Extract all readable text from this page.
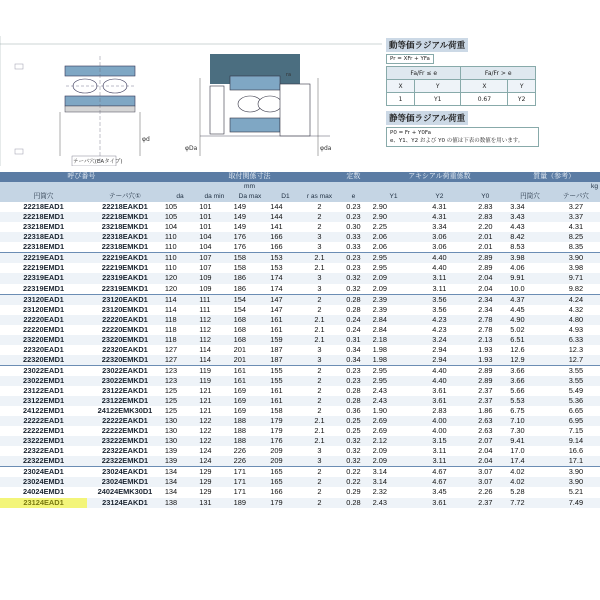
テーパ穴(EAタイプ)
φd
φDa	φda
ra
動等価ラジアル荷重
Pr = XFr + YFa
Fa/Fr ≤ e		Fa/Fr > e	
X	Y	X	Y
1	Y1	0.67	Y2
静等価ラジアル荷重

P0 = Fr + Y0Fa
e、Y1、Y2 および Y0 の値は下表の数値を用います。
呼び番号		取付関係寸法					定数	アキシアル荷重係数			質量（参考）	
		mm									kg	
円筒穴	テーパ穴①	da	da min	Da max	D1	r as max	e	Y1	Y2	Y0	円筒穴	テーパ穴
22218EAD1	22218EAKD1	105	101	149	144	2	0.23	2.90	4.31	2.83	3.34	3.27
22218EMD1	22218EMKD1	105	101	149	144	2	0.23	2.90	4.31	2.83	3.43	3.37
23218EMD1	23218EMKD1	104	101	149	141	2	0.30	2.25	3.34	2.20	4.43	4.31
22318EAD1	22318EAKD1	110	104	176	166	3	0.33	2.06	3.06	2.01	8.42	8.25
22318EMD1	22318EMKD1	110	104	176	166	3	0.33	2.06	3.06	2.01	8.53	8.35
22219EAD1	22219EAKD1	110	107	158	153	2.1	0.23	2.95	4.40	2.89	3.98	3.90
22219EMD1	22219EMKD1	110	107	158	153	2.1	0.23	2.95	4.40	2.89	4.06	3.98
22319EAD1	22319EAKD1	120	109	186	174	3	0.32	2.09	3.11	2.04	9.91	9.71
22319EMD1	22319EMKD1	120	109	186	174	3	0.32	2.09	3.11	2.04	10.0	9.82
23120EAD1	23120EAKD1	114	111	154	147	2	0.28	2.39	3.56	2.34	4.37	4.24
23120EMD1	23120EMKD1	114	111	154	147	2	0.28	2.39	3.56	2.34	4.45	4.32
22220EAD1	22220EAKD1	118	112	168	161	2.1	0.24	2.84	4.23	2.78	4.90	4.80
22220EMD1	22220EMKD1	118	112	168	161	2.1	0.24	2.84	4.23	2.78	5.02	4.93
23220EMD1	23220EMKD1	118	112	168	159	2.1	0.31	2.18	3.24	2.13	6.51	6.33
22320EAD1	22320EAKD1	127	114	201	187	3	0.34	1.98	2.94	1.93	12.6	12.3
22320EMD1	22320EMKD1	127	114	201	187	3	0.34	1.98	2.94	1.93	12.9	12.7
23022EAD1	23022EAKD1	123	119	161	155	2	0.23	2.95	4.40	2.89	3.66	3.55
23022EMD1	23022EMKD1	123	119	161	155	2	0.23	2.95	4.40	2.89	3.66	3.55
23122EAD1	23122EAKD1	125	121	169	161	2	0.28	2.43	3.61	2.37	5.66	5.49
23122EMD1	23122EMKD1	125	121	169	161	2	0.28	2.43	3.61	2.37	5.53	5.36
24122EMD1	24122EMK30D1	125	121	169	158	2	0.36	1.90	2.83	1.86	6.75	6.65
22222EAD1	22222EAKD1	130	122	188	179	2.1	0.25	2.69	4.00	2.63	7.10	6.95
22222EMD1	22222EMKD1	130	122	188	179	2.1	0.25	2.69	4.00	2.63	7.30	7.15
23222EMD1	23222EMKD1	130	122	188	176	2.1	0.32	2.12	3.15	2.07	9.41	9.14
22322EAD1	22322EAKD1	139	124	226	209	3	0.32	2.09	3.11	2.04	17.0	16.6
22322EMD1	22322EMKD1	139	124	226	209	3	0.32	2.09	3.11	2.04	17.4	17.1
23024EAD1	23024EAKD1	134	129	171	165	2	0.22	3.14	4.67	3.07	4.02	3.90
23024EMD1	23024EMKD1	134	129	171	165	2	0.22	3.14	4.67	3.07	4.02	3.90
24024EMD1	24024EMK30D1	134	129	171	166	2	0.29	2.32	3.45	2.26	5.28	5.21
23124EAD1	23124EAKD1	138	131	189	179	2	0.28	2.43	3.61	2.37	7.72	7.49
